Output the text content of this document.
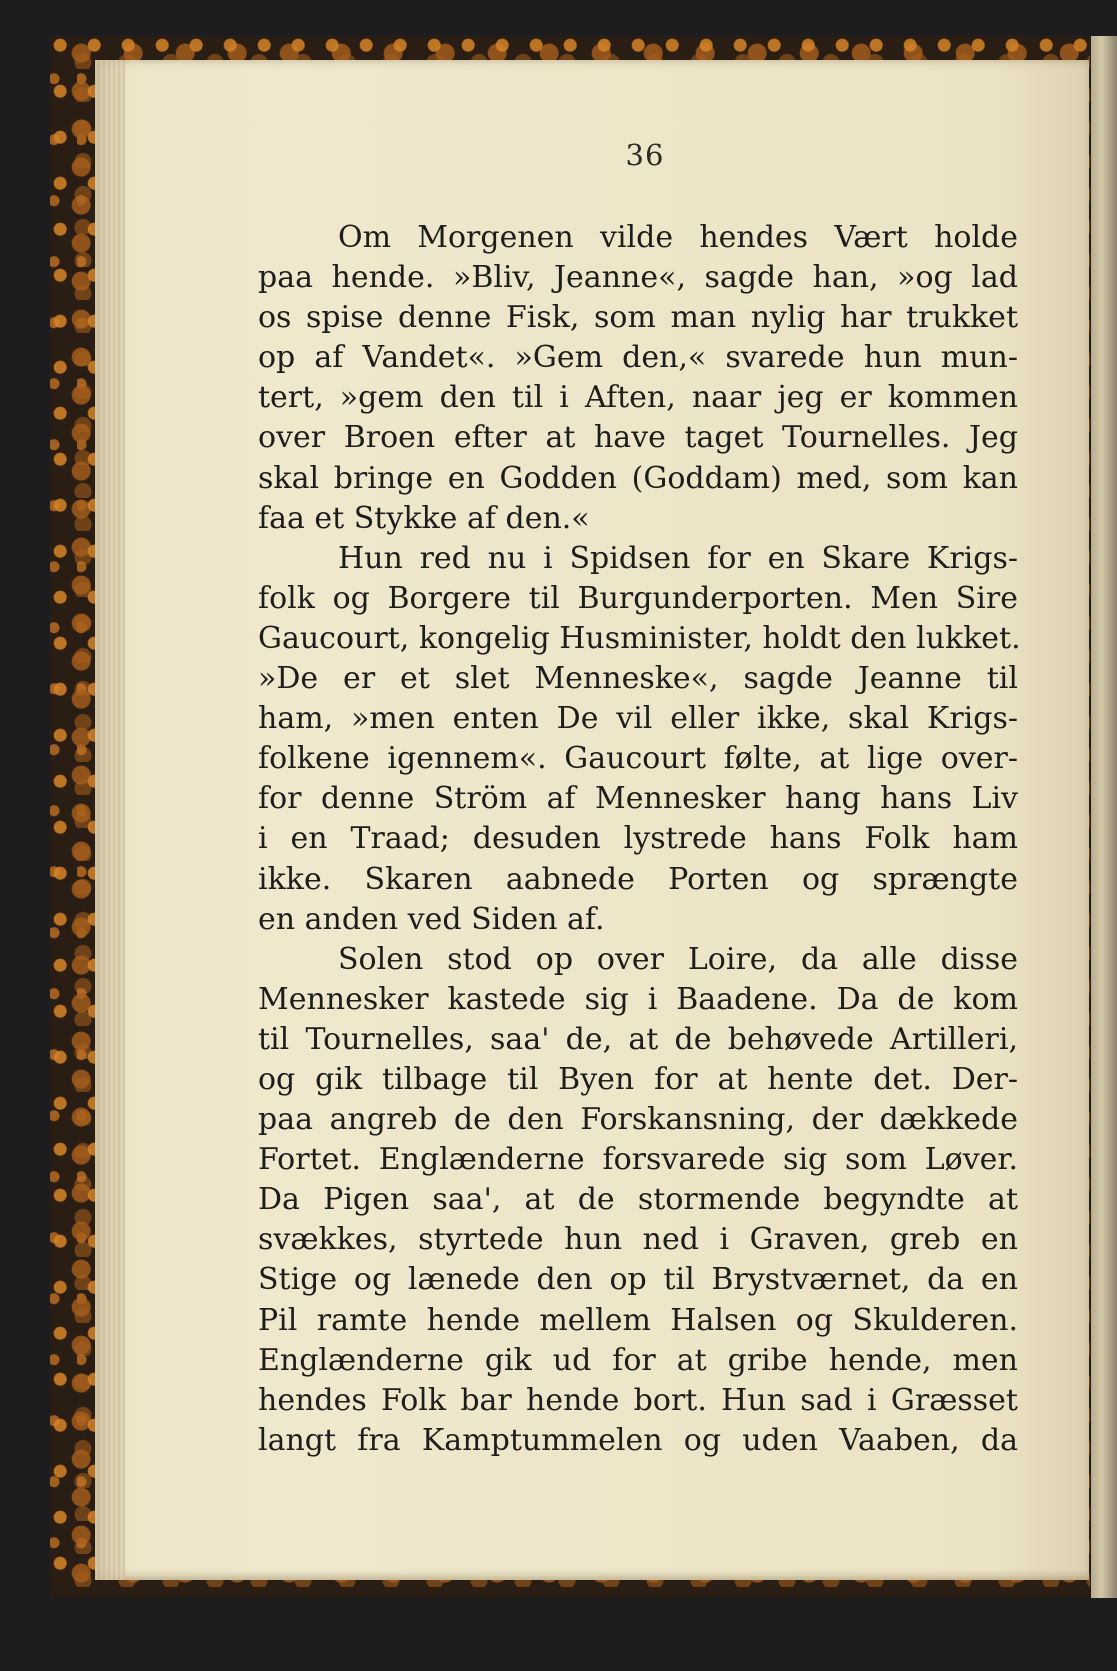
36
Om Morgenen vilde hendes Vært holde
paa hende. »Bliv, Jeanne«, sagde han, »og lad
os spise denne Fisk, som man nylig har trukket
op af Vandet«. »Gem den,« svarede hun mun-
tert, »gem den til i Aften, naar jeg er kommen
over Broen efter at have taget Tournelles. Jeg
skal bringe en Godden (Goddam) med, som kan
faa et Stykke af den.«
Hun red nu i Spidsen for en Skare Krigs-
folk og Borgere til Burgunderporten. Men Sire
Gaucourt, kongelig Husminister, holdt den lukket.
»De er et slet Menneske«, sagde Jeanne til
ham, »men enten De vil eller ikke, skal Krigs-
folkene igennem«. Gaucourt følte, at lige over-
for denne Ström af Mennesker hang hans Liv
i en Traad; desuden lystrede hans Folk ham
ikke. Skaren aabnede Porten og sprængte
en anden ved Siden af.
Solen stod op over Loire, da alle disse
Mennesker kastede sig i Baadene. Da de kom
til Tournelles, saa' de, at de behøvede Artilleri,
og gik tilbage til Byen for at hente det. Der-
paa angreb de den Forskansning, der dækkede
Fortet. Englænderne forsvarede sig som Løver.
Da Pigen saa', at de stormende begyndte at
svækkes, styrtede hun ned i Graven, greb en
Stige og lænede den op til Brystværnet, da en
Pil ramte hende mellem Halsen og Skulderen.
Englænderne gik ud for at gribe hende, men
hendes Folk bar hende bort. Hun sad i Græsset
langt fra Kamptummelen og uden Vaaben, da
